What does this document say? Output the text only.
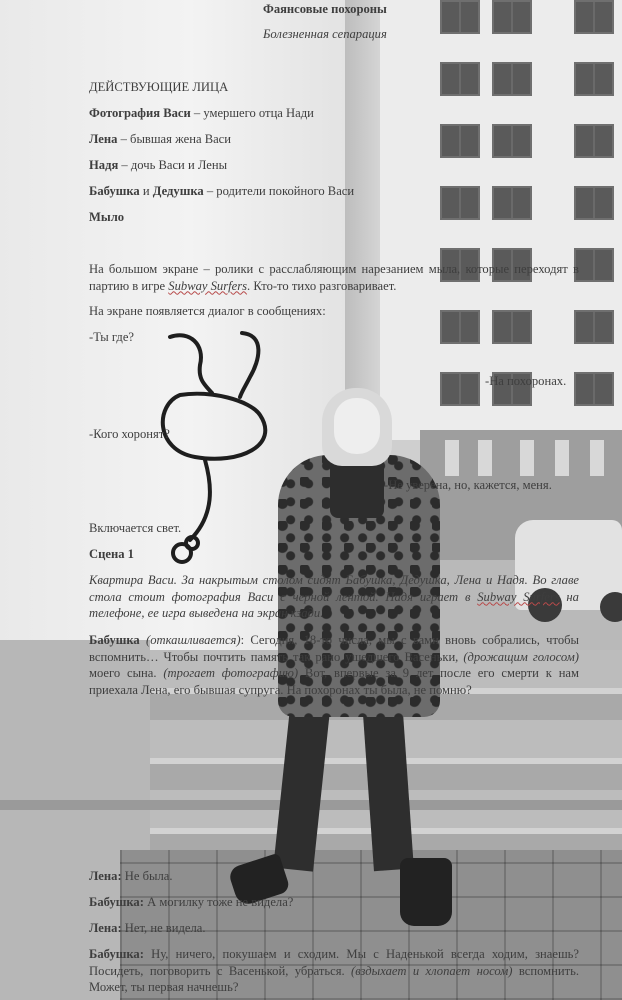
Фаянсовые похороны

Болезненная сепарация

ДЕЙСТВУЮЩИЕ ЛИЦА

Фотография Васи – умершего отца Нади

Лена – бывшая жена Васи

Надя – дочь Васи и Лены

Бабушка и Дедушка – родители покойного Васи

Мыло

На большом экране – ролики с расслабляющим нарезанием мыла, которые переходят в партию в игре Subway Surfers. Кто-то тихо разговаривает.

На экране появляется диалог в сообщениях:

-Ты где?

-На похоронах.

-Кого хоронят?

-Не уверена, но, кажется, меня.

Включается свет.

Сцена 1

Квартира Васи. За накрытым столом сидят Бабушка, Дедушка, Лена и Надя. Во главе стола стоит фотография Васи с черной лентой. Надя играет в Subway Surfers на телефоне, ее игра выведена на экран кзади.

Бабушка (откашливается): Сегодня, 18-то числа, мы с вами вновь собрались, чтобы вспомнить… Чтобы почтить память так рано ушедшего Васеньки, (дрожащим голосом) моего сына. (трогает фотографию) Вот, впервые за 9 лет после его смерти к нам приехала Лена, его бывшая супруга. На похоронах ты была, не помню?

Лена: Не была.

Бабушка: А могилку тоже не видела?

Лена: Нет, не видела.

Бабушка: Ну, ничего, покушаем и сходим. Мы с Наденькой всегда ходим, знаешь? Посидеть, поговорить с Васенькой, убраться. (вздыхает и хлопает носом) вспомнить. Может, ты первая начнешь?
